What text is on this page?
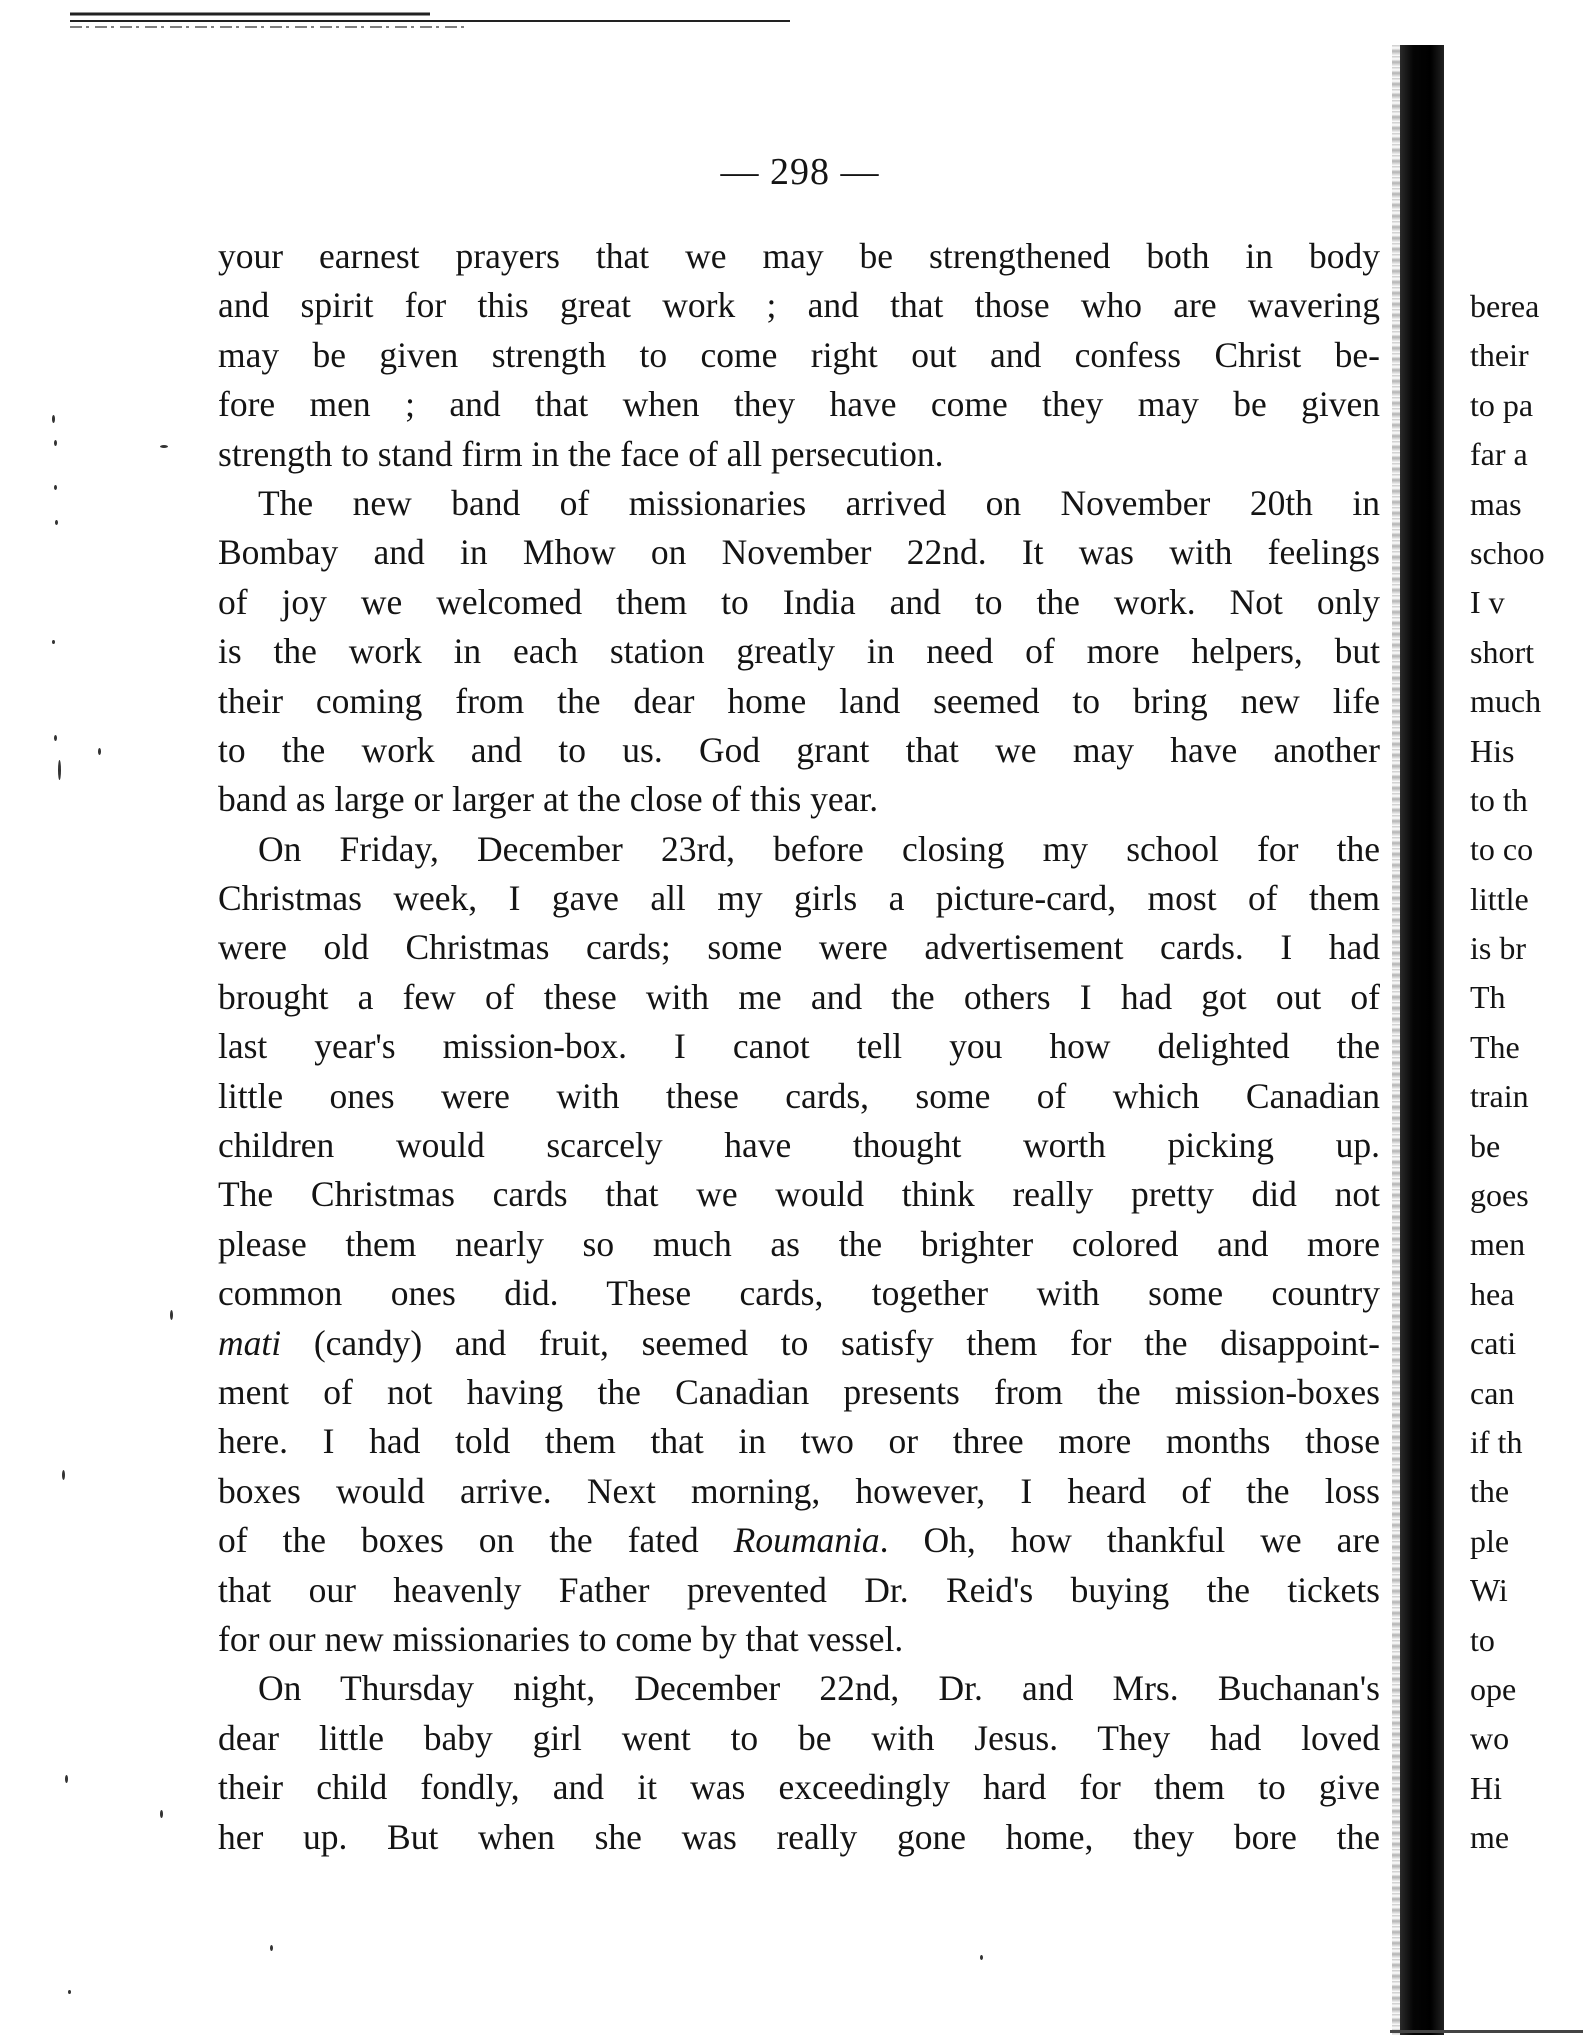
— 298 —
your earnest prayers that we may be strengthened both in body
and spirit for this great work ; and that those who are wavering
may be given strength to come right out and confess Christ be-
fore men ; and that when they have come they may be given
strength to stand firm in the face of all persecution.
The new band of missionaries arrived on November 20th in
Bombay and in Mhow on November 22nd. It was with feelings
of joy we welcomed them to India and to the work. Not only
is the work in each station greatly in need of more helpers, but
their coming from the dear home land seemed to bring new life
to the work and to us. God grant that we may have another
band as large or larger at the close of this year.
On Friday, December 23rd, before closing my school for the
Christmas week, I gave all my girls a picture-card, most of them
were old Christmas cards; some were advertisement cards. I had
brought a few of these with me and the others I had got out of
last year's mission-box. I canot tell you how delighted the
little ones were with these cards, some of which Canadian
children would scarcely have thought worth picking up.
The Christmas cards that we would think really pretty did not
please them nearly so much as the brighter colored and more
common ones did. These cards, together with some country
mati (candy) and fruit, seemed to satisfy them for the disappoint-
ment of not having the Canadian presents from the mission-boxes
here. I had told them that in two or three more months those
boxes would arrive. Next morning, however, I heard of the loss
of the boxes on the fated Roumania. Oh, how thankful we are
that our heavenly Father prevented Dr. Reid's buying the tickets
for our new missionaries to come by that vessel.
On Thursday night, December 22nd, Dr. and Mrs. Buchanan's
dear little baby girl went to be with Jesus. They had loved
their child fondly, and it was exceedingly hard for them to give
her up. But when she was really gone home, they bore the
berea
their
to pa
far a
mas
schoo
I v
short
much
His
to th
to co
little
is br
Th
The
train
be
goes
men
hea
cati
can
if th
the
ple
Wi
to
ope
wo
Hi
me
